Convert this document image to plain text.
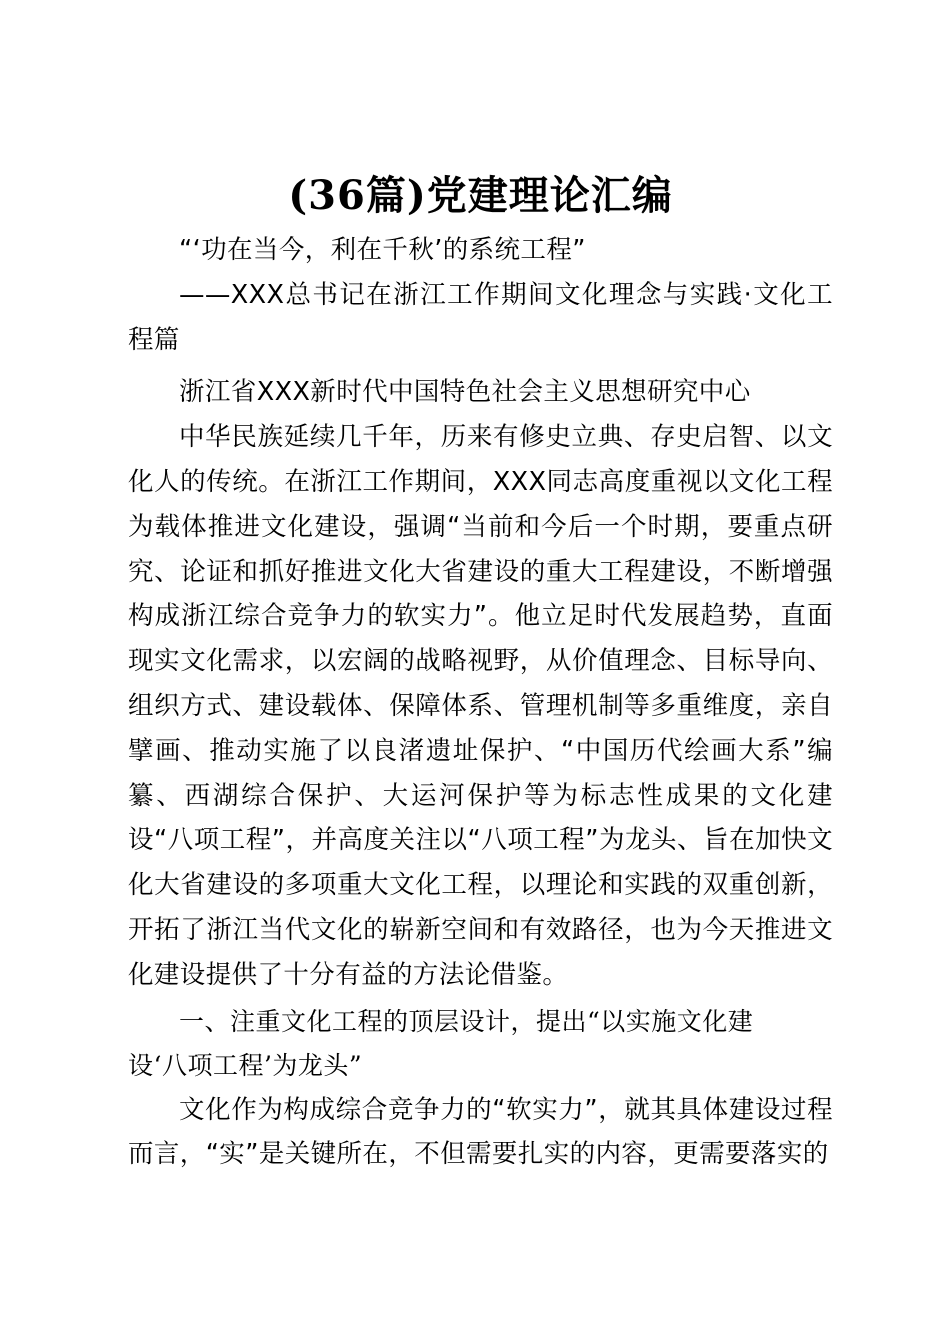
(36篇)党建理论汇编

“‘功在当今，利在千秋’的系统工程”

——XXX总书记在浙江工作期间文化理念与实践·文化工程篇

浙江省XXX新时代中国特色社会主义思想研究中心

中华民族延续几千年，历来有修史立典、存史启智、以文化人的传统。在浙江工作期间，XXX同志高度重视以文化工程为载体推进文化建设，强调“当前和今后一个时期，要重点研究、论证和抓好推进文化大省建设的重大工程建设，不断增强构成浙江综合竞争力的软实力”。他立足时代发展趋势，直面现实文化需求，以宏阔的战略视野，从价值理念、目标导向、组织方式、建设载体、保障体系、管理机制等多重维度，亲自擘画、推动实施了以良渚遗址保护、“中国历代绘画大系”编纂、西湖综合保护、大运河保护等为标志性成果的文化建设“八项工程”，并高度关注以“八项工程”为龙头、旨在加快文化大省建设的多项重大文化工程，以理论和实践的双重创新，开拓了浙江当代文化的崭新空间和有效路径，也为今天推进文化建设提供了十分有益的方法论借鉴。

一、注重文化工程的顶层设计，提出“以实施文化建设‘八项工程’为龙头”

文化作为构成综合竞争力的“软实力”，就其具体建设过程而言，“实”是关键所在，不但需要扎实的内容，更需要落实的
